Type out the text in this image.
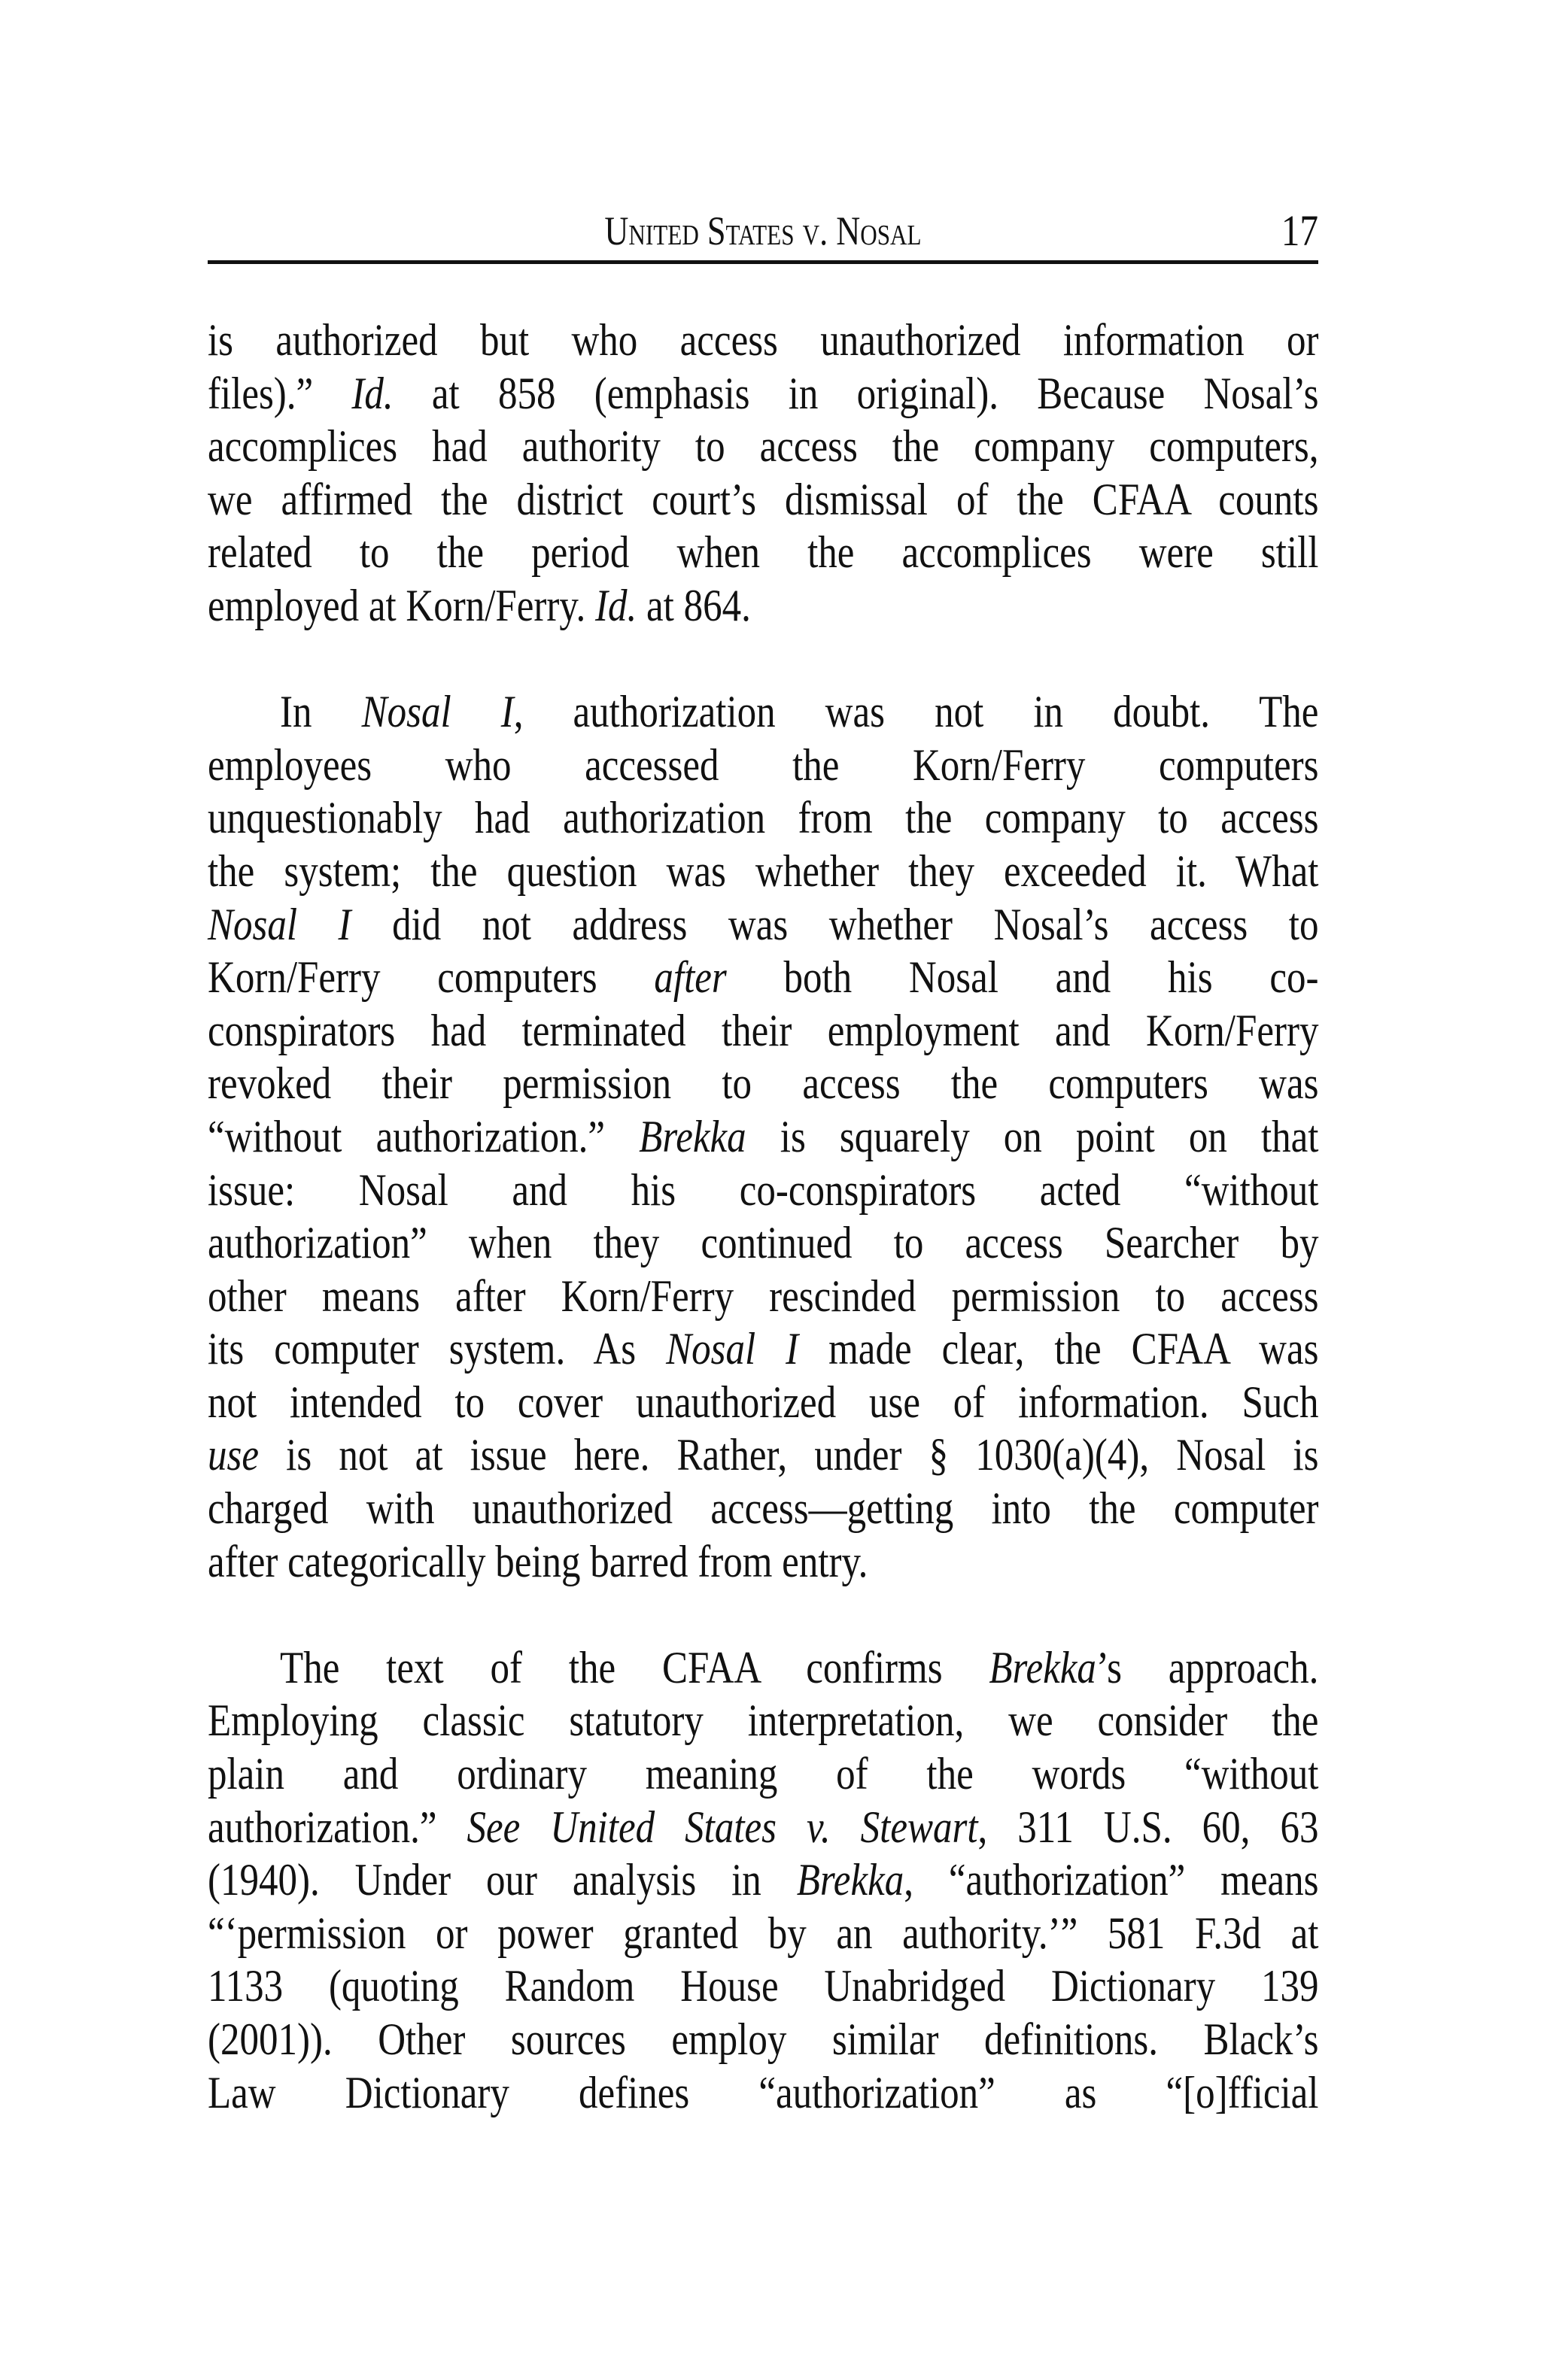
United States v. Nosal	17
is authorized but who access unauthorized information or
files).” Id. at 858 (emphasis in original). Because Nosal’s
accomplices had authority to access the company computers,
we affirmed the district court’s dismissal of the CFAA counts
related to the period when the accomplices were still
employed at Korn/Ferry. Id. at 864.
In Nosal I, authorization was not in doubt. The
employees who accessed the Korn/Ferry computers
unquestionably had authorization from the company to access
the system; the question was whether they exceeded it. What
Nosal I did not address was whether Nosal’s access to
Korn/Ferry computers after both Nosal and his co-
conspirators had terminated their employment and Korn/Ferry
revoked their permission to access the computers was
“without authorization.” Brekka is squarely on point on that
issue: Nosal and his co-conspirators acted “without
authorization” when they continued to access Searcher by
other means after Korn/Ferry rescinded permission to access
its computer system. As Nosal I made clear, the CFAA was
not intended to cover unauthorized use of information. Such
use is not at issue here. Rather, under § 1030(a)(4), Nosal is
charged with unauthorized access—getting into the computer
after categorically being barred from entry.
The text of the CFAA confirms Brekka’s approach.
Employing classic statutory interpretation, we consider the
plain and ordinary meaning of the words “without
authorization.” See United States v. Stewart, 311 U.S. 60, 63
(1940). Under our analysis in Brekka, “authorization” means
“‘permission or power granted by an authority.’” 581 F.3d at
1133 (quoting Random House Unabridged Dictionary 139
(2001)). Other sources employ similar definitions. Black’s
Law Dictionary defines “authorization” as “[o]fficial
